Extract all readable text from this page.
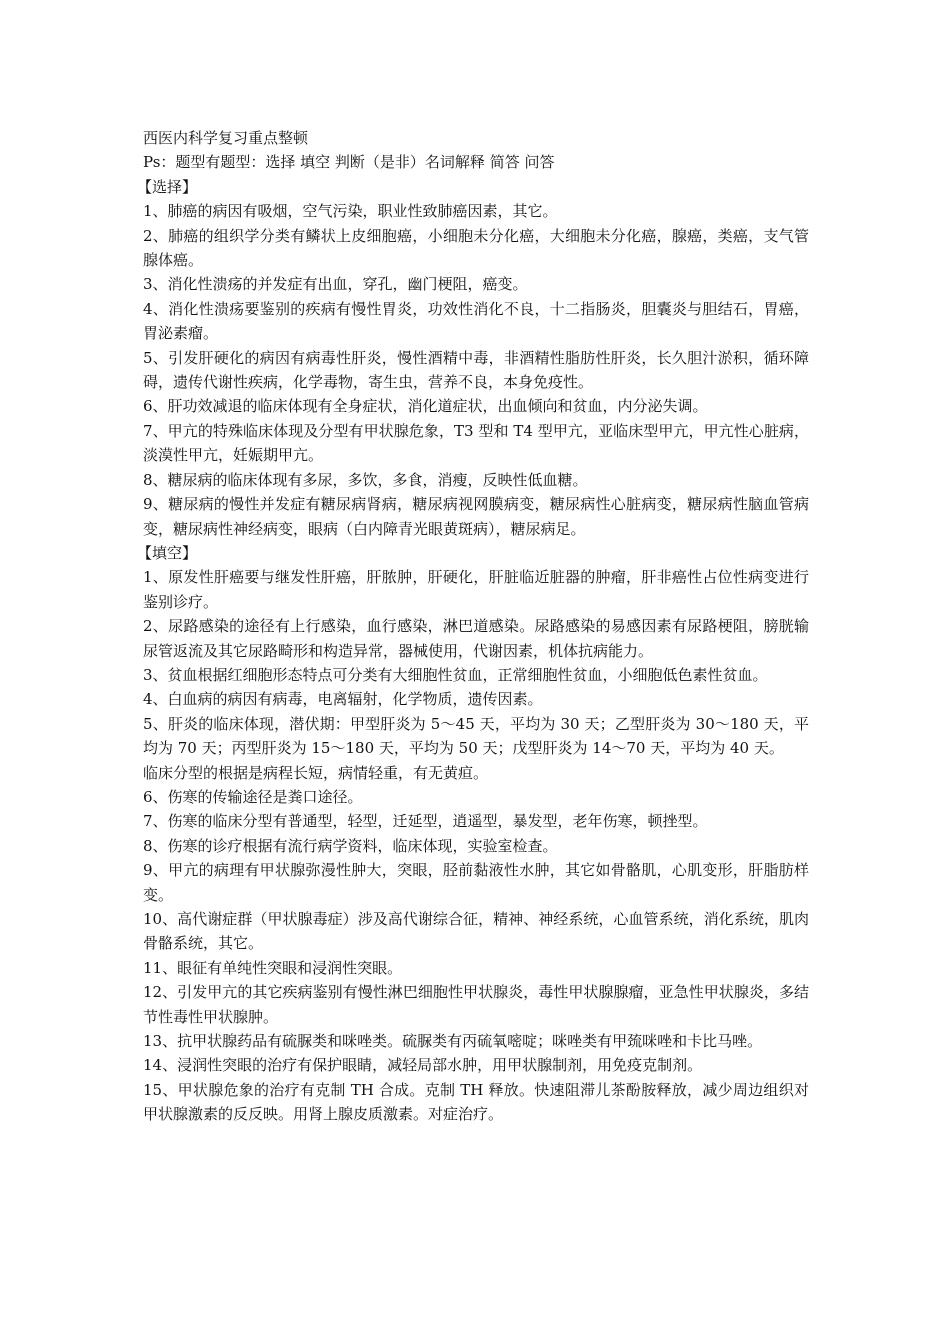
西医内科学复习重点整顿

Ps：题型有题型：选择 填空 判断（是非）名词解释 简答 问答

【选择】

1、肺癌的病因有吸烟，空气污染，职业性致肺癌因素，其它。

2、肺癌的组织学分类有鳞状上皮细胞癌，小细胞未分化癌，大细胞未分化癌，腺癌，类癌，支气管腺体癌。

3、消化性溃疡的并发症有出血，穿孔，幽门梗阻，癌变。

4、消化性溃疡要鉴别的疾病有慢性胃炎，功效性消化不良，十二指肠炎，胆囊炎与胆结石，胃癌，胃泌素瘤。

5、引发肝硬化的病因有病毒性肝炎，慢性酒精中毒，非酒精性脂肪性肝炎，长久胆汁淤积，循环障碍，遗传代谢性疾病，化学毒物，寄生虫，营养不良，本身免疫性。

6、肝功效减退的临床体现有全身症状，消化道症状，出血倾向和贫血，内分泌失调。

7、甲亢的特殊临床体现及分型有甲状腺危象，T3 型和 T4 型甲亢，亚临床型甲亢，甲亢性心脏病，淡漠性甲亢，妊娠期甲亢。

8、糖尿病的临床体现有多尿，多饮，多食，消瘦，反映性低血糖。

9、糖尿病的慢性并发症有糖尿病肾病，糖尿病视网膜病变，糖尿病性心脏病变，糖尿病性脑血管病变，糖尿病性神经病变，眼病（白内障青光眼黄斑病），糖尿病足。

【填空】

1、原发性肝癌要与继发性肝癌，肝脓肿，肝硬化，肝脏临近脏器的肿瘤，肝非癌性占位性病变进行鉴别诊疗。

2、尿路感染的途径有上行感染，血行感染，淋巴道感染。尿路感染的易感因素有尿路梗阻，膀胱输尿管返流及其它尿路畸形和构造异常，器械使用，代谢因素，机体抗病能力。

3、贫血根据红细胞形态特点可分类有大细胞性贫血，正常细胞性贫血，小细胞低色素性贫血。

4、白血病的病因有病毒，电离辐射，化学物质，遗传因素。

5、肝炎的临床体现，潜伏期：甲型肝炎为 5～45 天，平均为 30 天；乙型肝炎为 30～180 天，平均为 70 天；丙型肝炎为 15～180 天，平均为 50 天；戊型肝炎为 14～70 天，平均为 40 天。

临床分型的根据是病程长短，病情轻重，有无黄疸。

6、伤寒的传输途径是粪口途径。

7、伤寒的临床分型有普通型，轻型，迁延型，逍遥型，暴发型，老年伤寒，顿挫型。

8、伤寒的诊疗根据有流行病学资料，临床体现，实验室检查。

9、甲亢的病理有甲状腺弥漫性肿大，突眼，胫前黏液性水肿，其它如骨骼肌，心肌变形，肝脂肪样变。

10、高代谢症群（甲状腺毒症）涉及高代谢综合征，精神、神经系统，心血管系统，消化系统，肌肉骨骼系统，其它。

11、眼征有单纯性突眼和浸润性突眼。

12、引发甲亢的其它疾病鉴别有慢性淋巴细胞性甲状腺炎，毒性甲状腺腺瘤，亚急性甲状腺炎，多结节性毒性甲状腺肿。

13、抗甲状腺药品有硫脲类和咪唑类。硫脲类有丙硫氧嘧啶；咪唑类有甲巯咪唑和卡比马唑。

14、浸润性突眼的治疗有保护眼睛，减轻局部水肿，用甲状腺制剂，用免疫克制剂。

15、甲状腺危象的治疗有克制 TH 合成。克制 TH 释放。快速阻滞儿茶酚胺释放，减少周边组织对甲状腺激素的反反映。用肾上腺皮质激素。对症治疗。
